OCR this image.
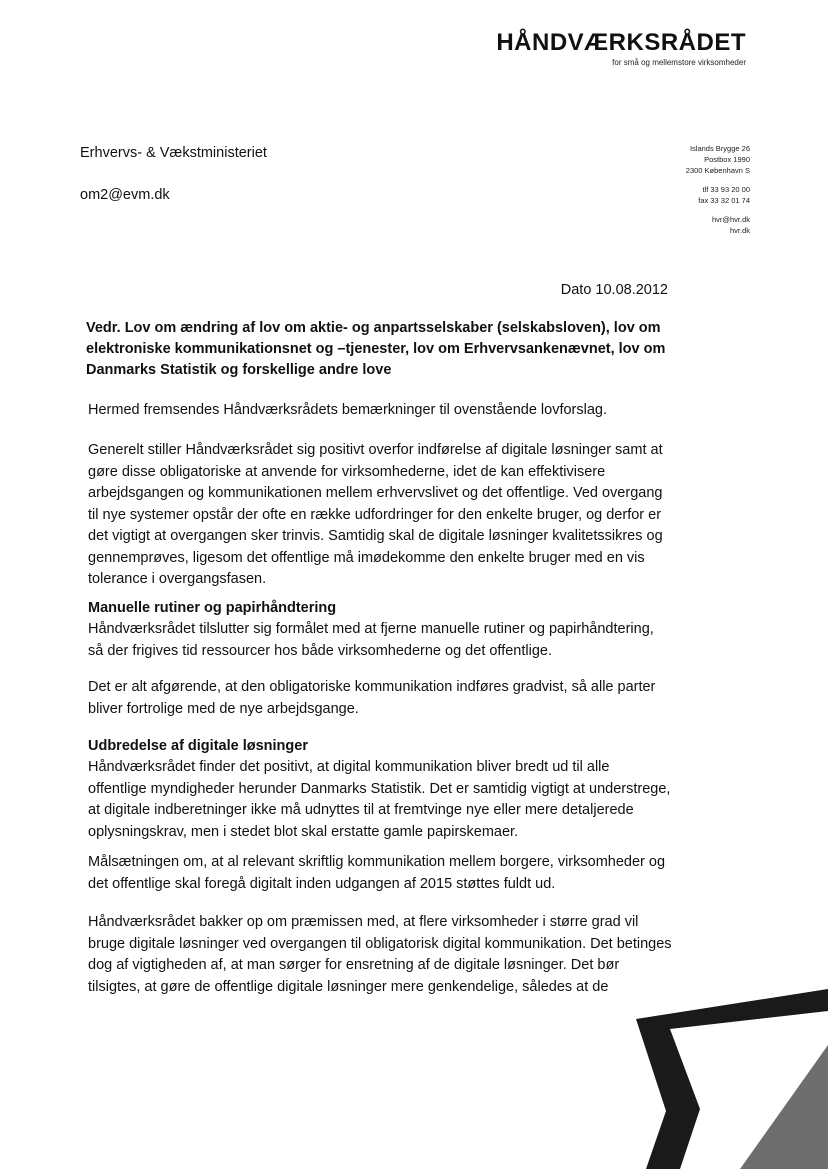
HÅNDVÆRKSRÅDET
for små og mellemstore virksomheder
Erhvervs- & Vækstministeriet
om2@evm.dk
Islands Brygge 26
Postbox 1990
2300 København S
tlf 33 93 20 00
fax 33 32 01 74
hvr@hvr.dk
hvr.dk
Dato 10.08.2012
Vedr. Lov om ændring af lov om aktie- og anpartsselskaber (selskabsloven), lov om elektroniske kommunikationsnet og –tjenester, lov om Erhvervsankenævnet, lov om Danmarks Statistik og forskellige andre love
Hermed fremsendes Håndværksrådets bemærkninger til ovenstående lovforslag.
Generelt stiller Håndværksrådet sig positivt overfor indførelse af digitale løsninger samt at gøre disse obligatoriske at anvende for virksomhederne, idet de kan effektivisere arbejdsgangen og kommunikationen mellem erhvervslivet og det offentlige. Ved overgang til nye systemer opstår der ofte en række udfordringer for den enkelte bruger, og derfor er det vigtigt at overgangen sker trinvis. Samtidig skal de digitale løsninger kvalitetssikres og gennemprøves, ligesom det offentlige må imødekomme den enkelte bruger med en vis tolerance i overgangsfasen.
Manuelle rutiner og papirhåndtering
Håndværksrådet tilslutter sig formålet med at fjerne manuelle rutiner og papirhåndtering, så der frigives tid ressourcer hos både virksomhederne og det offentlige.
Det er alt afgørende, at den obligatoriske kommunikation indføres gradvist, så alle parter bliver fortrolige med de nye arbejdsgange.
Udbredelse af digitale løsninger
Håndværksrådet finder det positivt, at digital kommunikation bliver bredt ud til alle offentlige myndigheder herunder Danmarks Statistik. Det er samtidig vigtigt at understrege, at digitale indberetninger ikke må udnyttes til at fremtvinge nye eller mere detaljerede oplysningskrav, men i stedet blot skal erstatte gamle papirskemaer.
Målsætningen om, at al relevant skriftlig kommunikation mellem borgere, virksomheder og det offentlige skal foregå digitalt inden udgangen af 2015 støttes fuldt ud.
Håndværksrådet bakker op om præmissen med, at flere virksomheder i større grad vil bruge digitale løsninger ved overgangen til obligatorisk digital kommunikation. Det betinges dog af vigtigheden af, at man sørger for ensretning af de digitale løsninger. Det bør tilsigtes, at gøre de offentlige digitale løsninger mere genkendelige, således at de
